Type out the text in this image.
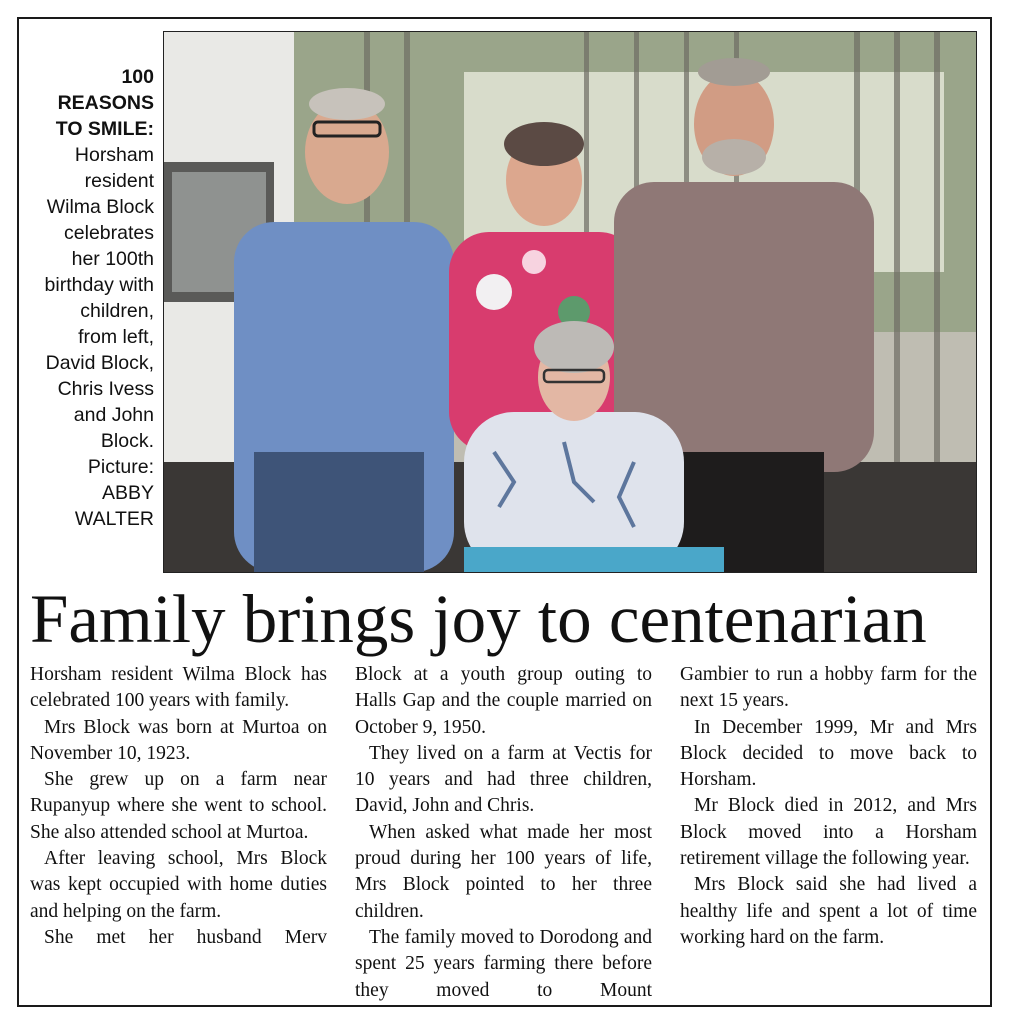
100
REASONS
TO SMILE:
Horsham
resident
Wilma Block
celebrates
her 100th
birthday with
children,
from left,
David Block,
Chris Ivess
and John
Block.
Picture:
ABBY
WALTER
Family brings joy to centenarian

Horsham resident Wilma Block has celebrated 100 years with family.

Mrs Block was born at Murtoa on November 10, 1923.

She grew up on a farm near Rupanyup where she went to school. She also attended school at Murtoa.

After leaving school, Mrs Block was kept occupied with home duties and helping on the farm.

She met her husband Merv

Block at a youth group outing to Halls Gap and the couple married on October 9, 1950.

They lived on a farm at Vectis for 10 years and had three children, David, John and Chris.

When asked what made her most proud during her 100 years of life, Mrs Block pointed to her three children.

The family moved to Dorodong and spent 25 years farming there before they moved to Mount

Gambier to run a hobby farm for the next 15 years.

In December 1999, Mr and Mrs Block decided to move back to Horsham.

Mr Block died in 2012, and Mrs Block moved into a Horsham retirement village the following year.

Mrs Block said she had lived a healthy life and spent a lot of time working hard on the farm.
